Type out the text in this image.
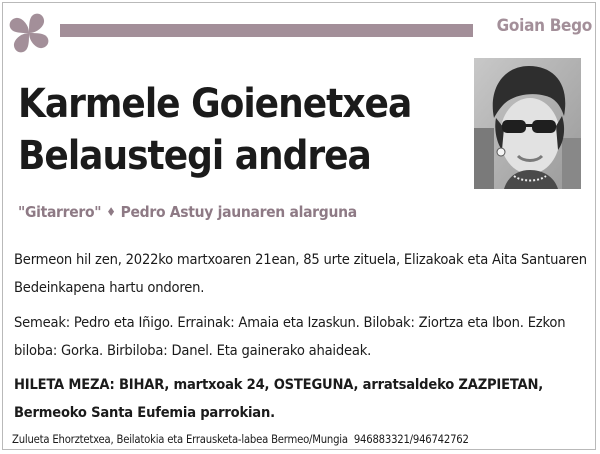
Goian Bego
Karmele Goienetxea
Belaustegi andrea
"Gitarrero" ♦ Pedro Astuy jaunaren alarguna
Bermeon hil zen, 2022ko martxoaren 21ean, 85 urte zituela, Elizakoak eta Aita Santuaren Bedeinkapena hartu ondoren.
Semeak: Pedro eta Iñigo. Errainak: Amaia eta Izaskun. Bilobak: Ziortza eta Ibon. Ezkon biloba: Gorka. Birbiloba: Danel. Eta gainerako ahaideak.
HILETA MEZA: BIHAR, martxoak 24, OSTEGUNA, arratsaldeko ZAZPIETAN, Bermeoko Santa Eufemia parrokian.
Zulueta Ehorztetxea, Beilatokia eta Errausketa-labea Bermeo/Mungia 946883321/946742762
